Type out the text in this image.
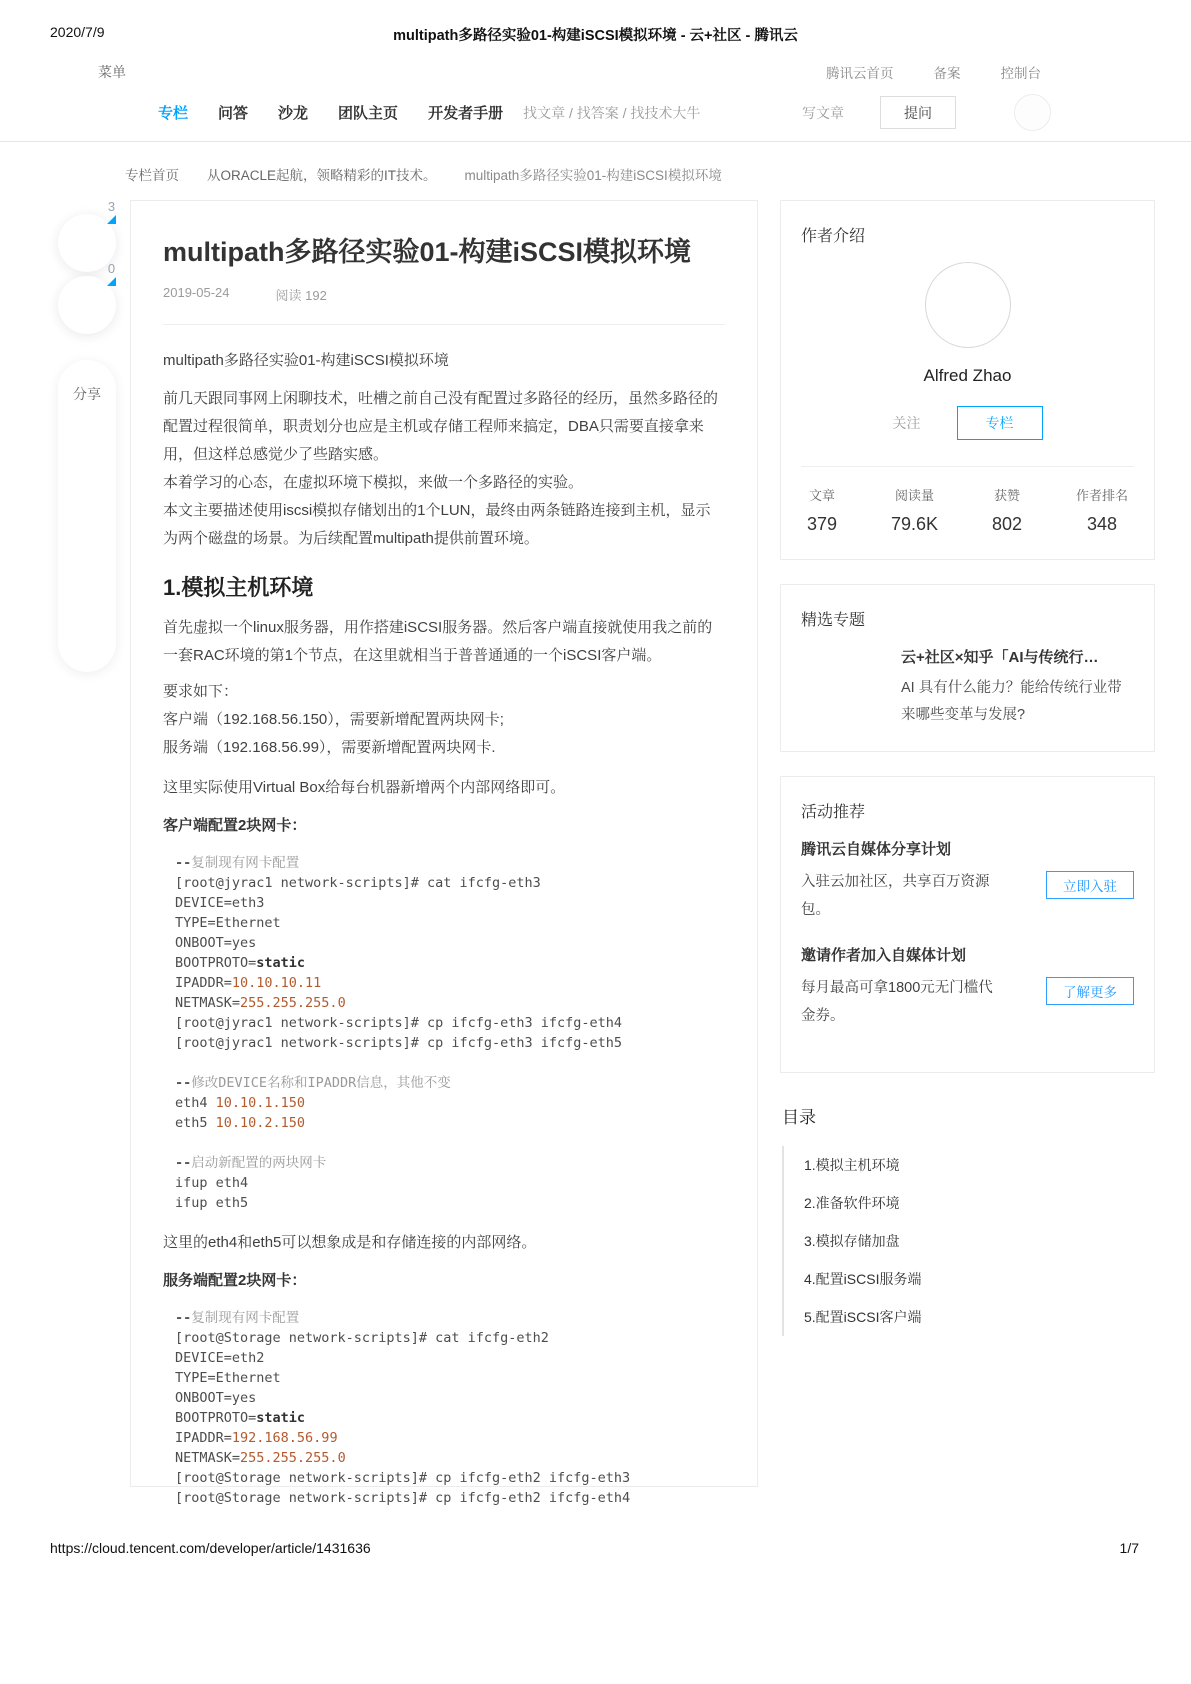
2020/7/9	multipath多路径实验01-构建iSCSI模拟环境 - 云+社区 - 腾讯云
菜单	腾讯云首页	备案	控制台
专栏 问答 沙龙 团队主页 开发者手册 找文章 / 找答案 / 找技术大牛	写文章	提问
专栏首页 从ORACLE起航，领略精彩的IT技术。 multipath多路径实验01-构建iSCSI模拟环境
3
0
分享
multipath多路径实验01-构建iSCSI模拟环境
2019-05-24	阅读 192

multipath多路径实验01-构建iSCSI模拟环境

前几天跟同事网上闲聊技术，吐槽之前自己没有配置过多路径的经历，虽然多路径的配置过程很简单，职责划分也应是主机或存储工程师来搞定，DBA只需要直接拿来用，但这样总感觉少了些踏实感。

本着学习的心态，在虚拟环境下模拟，来做一个多路径的实验。

本文主要描述使用iscsi模拟存储划出的1个LUN，最终由两条链路连接到主机，显示为两个磁盘的场景。为后续配置multipath提供前置环境。

1.模拟主机环境

首先虚拟一个linux服务器，用作搭建iSCSI服务器。然后客户端直接就使用我之前的一套RAC环境的第1个节点，在这里就相当于普普通通的一个iSCSI客户端。

要求如下：

客户端（192.168.56.150），需要新增配置两块网卡;

服务端（192.168.56.99），需要新增配置两块网卡.

这里实际使用Virtual Box给每台机器新增两个内部网络即可。

客户端配置2块网卡：
--复制现有网卡配置
[root@jyrac1 network-scripts]# cat ifcfg-eth3
DEVICE=eth3
TYPE=Ethernet
ONBOOT=yes
BOOTPROTO=static
IPADDR=10.10.10.11
NETMASK=255.255.255.0
[root@jyrac1 network-scripts]# cp ifcfg-eth3 ifcfg-eth4
[root@jyrac1 network-scripts]# cp ifcfg-eth3 ifcfg-eth5
--修改DEVICE名称和IPADDR信息，其他不变
eth4 10.10.1.150
eth5 10.10.2.150
--启动新配置的两块网卡
ifup eth4
ifup eth5

这里的eth4和eth5可以想象成是和存储连接的内部网络。

服务端配置2块网卡：
--复制现有网卡配置
[root@Storage network-scripts]# cat ifcfg-eth2
DEVICE=eth2
TYPE=Ethernet
ONBOOT=yes
BOOTPROTO=static
IPADDR=192.168.56.99
NETMASK=255.255.255.0
[root@Storage network-scripts]# cp ifcfg-eth2 ifcfg-eth3
[root@Storage network-scripts]# cp ifcfg-eth2 ifcfg-eth4
作者介绍
Alfred Zhao
关注	专栏
文章
379
阅读量
79.6K
获赞
802
作者排名
348
精选专题
云+社区×知乎「AI与传统行…
AI 具有什么能力？能给传统行业带来哪些变革与发展?
活动推荐
腾讯云自媒体分享计划
入驻云加社区，共享百万资源包。
立即入驻
邀请作者加入自媒体计划
每月最高可拿1800元无门槛代金券。
了解更多
目录
1.模拟主机环境
2.准备软件环境
3.模拟存储加盘
4.配置iSCSI服务端
5.配置iSCSI客户端
https://cloud.tencent.com/developer/article/1431636	1/7
